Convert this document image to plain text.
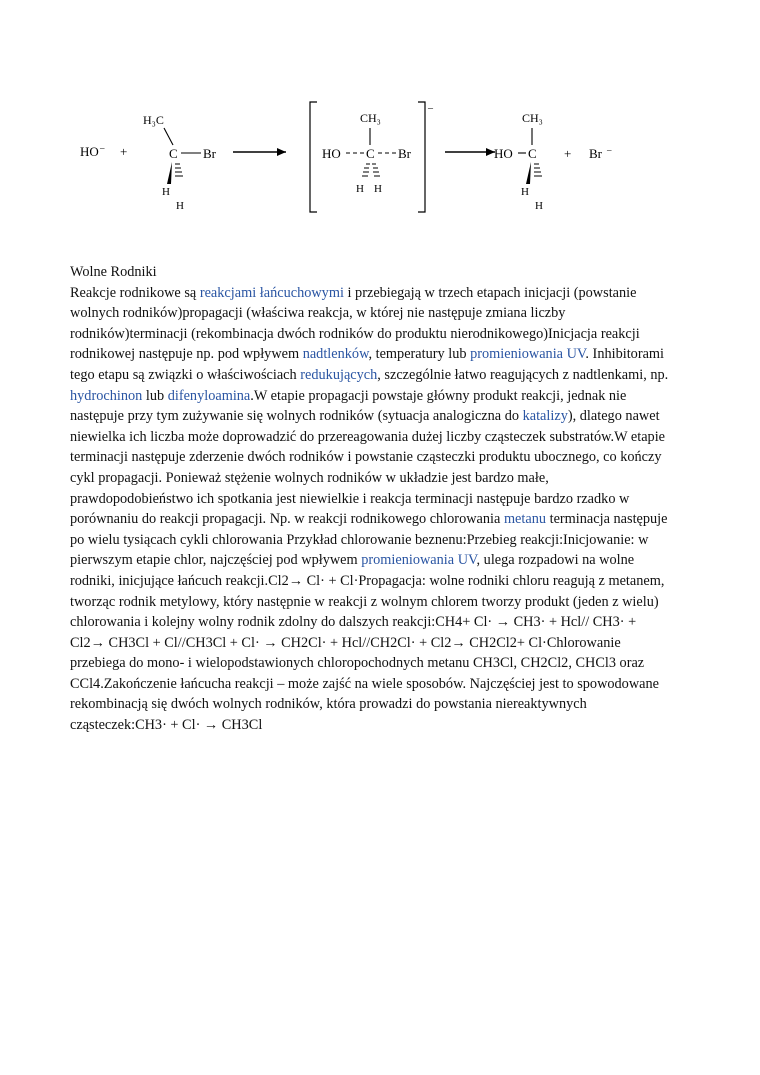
HO – +
H₃C
C Br
H
H
–
CH₃
HO C Br
H H
CH₃
HO C
H
H
+ Br –

Wolne Rodniki

Reakcje rodnikowe są reakcjami łańcuchowymi i przebiegają w trzech etapach inicjacji (powstanie wolnych rodników)propagacji (właściwa reakcja, w której nie następuje zmiana liczby rodników)terminacji (rekombinacja dwóch rodników do produktu nierodnikowego)Inicjacja reakcji rodnikowej następuje np. pod wpływem nadtlenków, temperatury lub promieniowania UV. Inhibitorami tego etapu są związki o właściwościach redukujących, szczególnie łatwo reagujących z nadtlenkami, np. hydrochinon lub difenyloamina.W etapie propagacji powstaje główny produkt reakcji, jednak nie następuje przy tym zużywanie się wolnych rodników (sytuacja analogiczna do katalizy), dlatego nawet niewielka ich liczba może doprowadzić do przereagowania dużej liczby cząsteczek substratów.W etapie terminacji następuje zderzenie dwóch rodników i powstanie cząsteczki produktu ubocznego, co kończy cykl propagacji. Ponieważ stężenie wolnych rodników w układzie jest bardzo małe, prawdopodobieństwo ich spotkania jest niewielkie i reakcja terminacji następuje bardzo rzadko w porównaniu do reakcji propagacji. Np. w reakcji rodnikowego chlorowania metanu terminacja następuje po wielu tysiącach cykli chlorowania Przykład chlorowanie beznenu:Przebieg reakcji:Inicjowanie: w pierwszym etapie chlor, najczęściej pod wpływem promieniowania UV, ulega rozpadowi na wolne rodniki, inicjujące łańcuch reakcji.Cl2→ Cl· + Cl·Propagacja: wolne rodniki chloru reagują z metanem, tworząc rodnik metylowy, który następnie w reakcji z wolnym chlorem tworzy produkt (jeden z wielu) chlorowania i kolejny wolny rodnik zdolny do dalszych reakcji:CH4+ Cl· → CH3· + Hcl// CH3· + Cl2→ CH3Cl + Cl//CH3Cl + Cl· → CH2Cl· + Hcl//CH2Cl· + Cl2→ CH2Cl2+ Cl·Chlorowanie przebiega do mono- i wielopodstawionych chloropochodnych metanu CH3Cl, CH2Cl2, CHCl3 oraz CCl4.Zakończenie łańcucha reakcji – może zajść na wiele sposobów. Najczęściej jest to spowodowane rekombinacją się dwóch wolnych rodników, która prowadzi do powstania niereaktywnych cząsteczek:CH3· + Cl· → CH3Cl
